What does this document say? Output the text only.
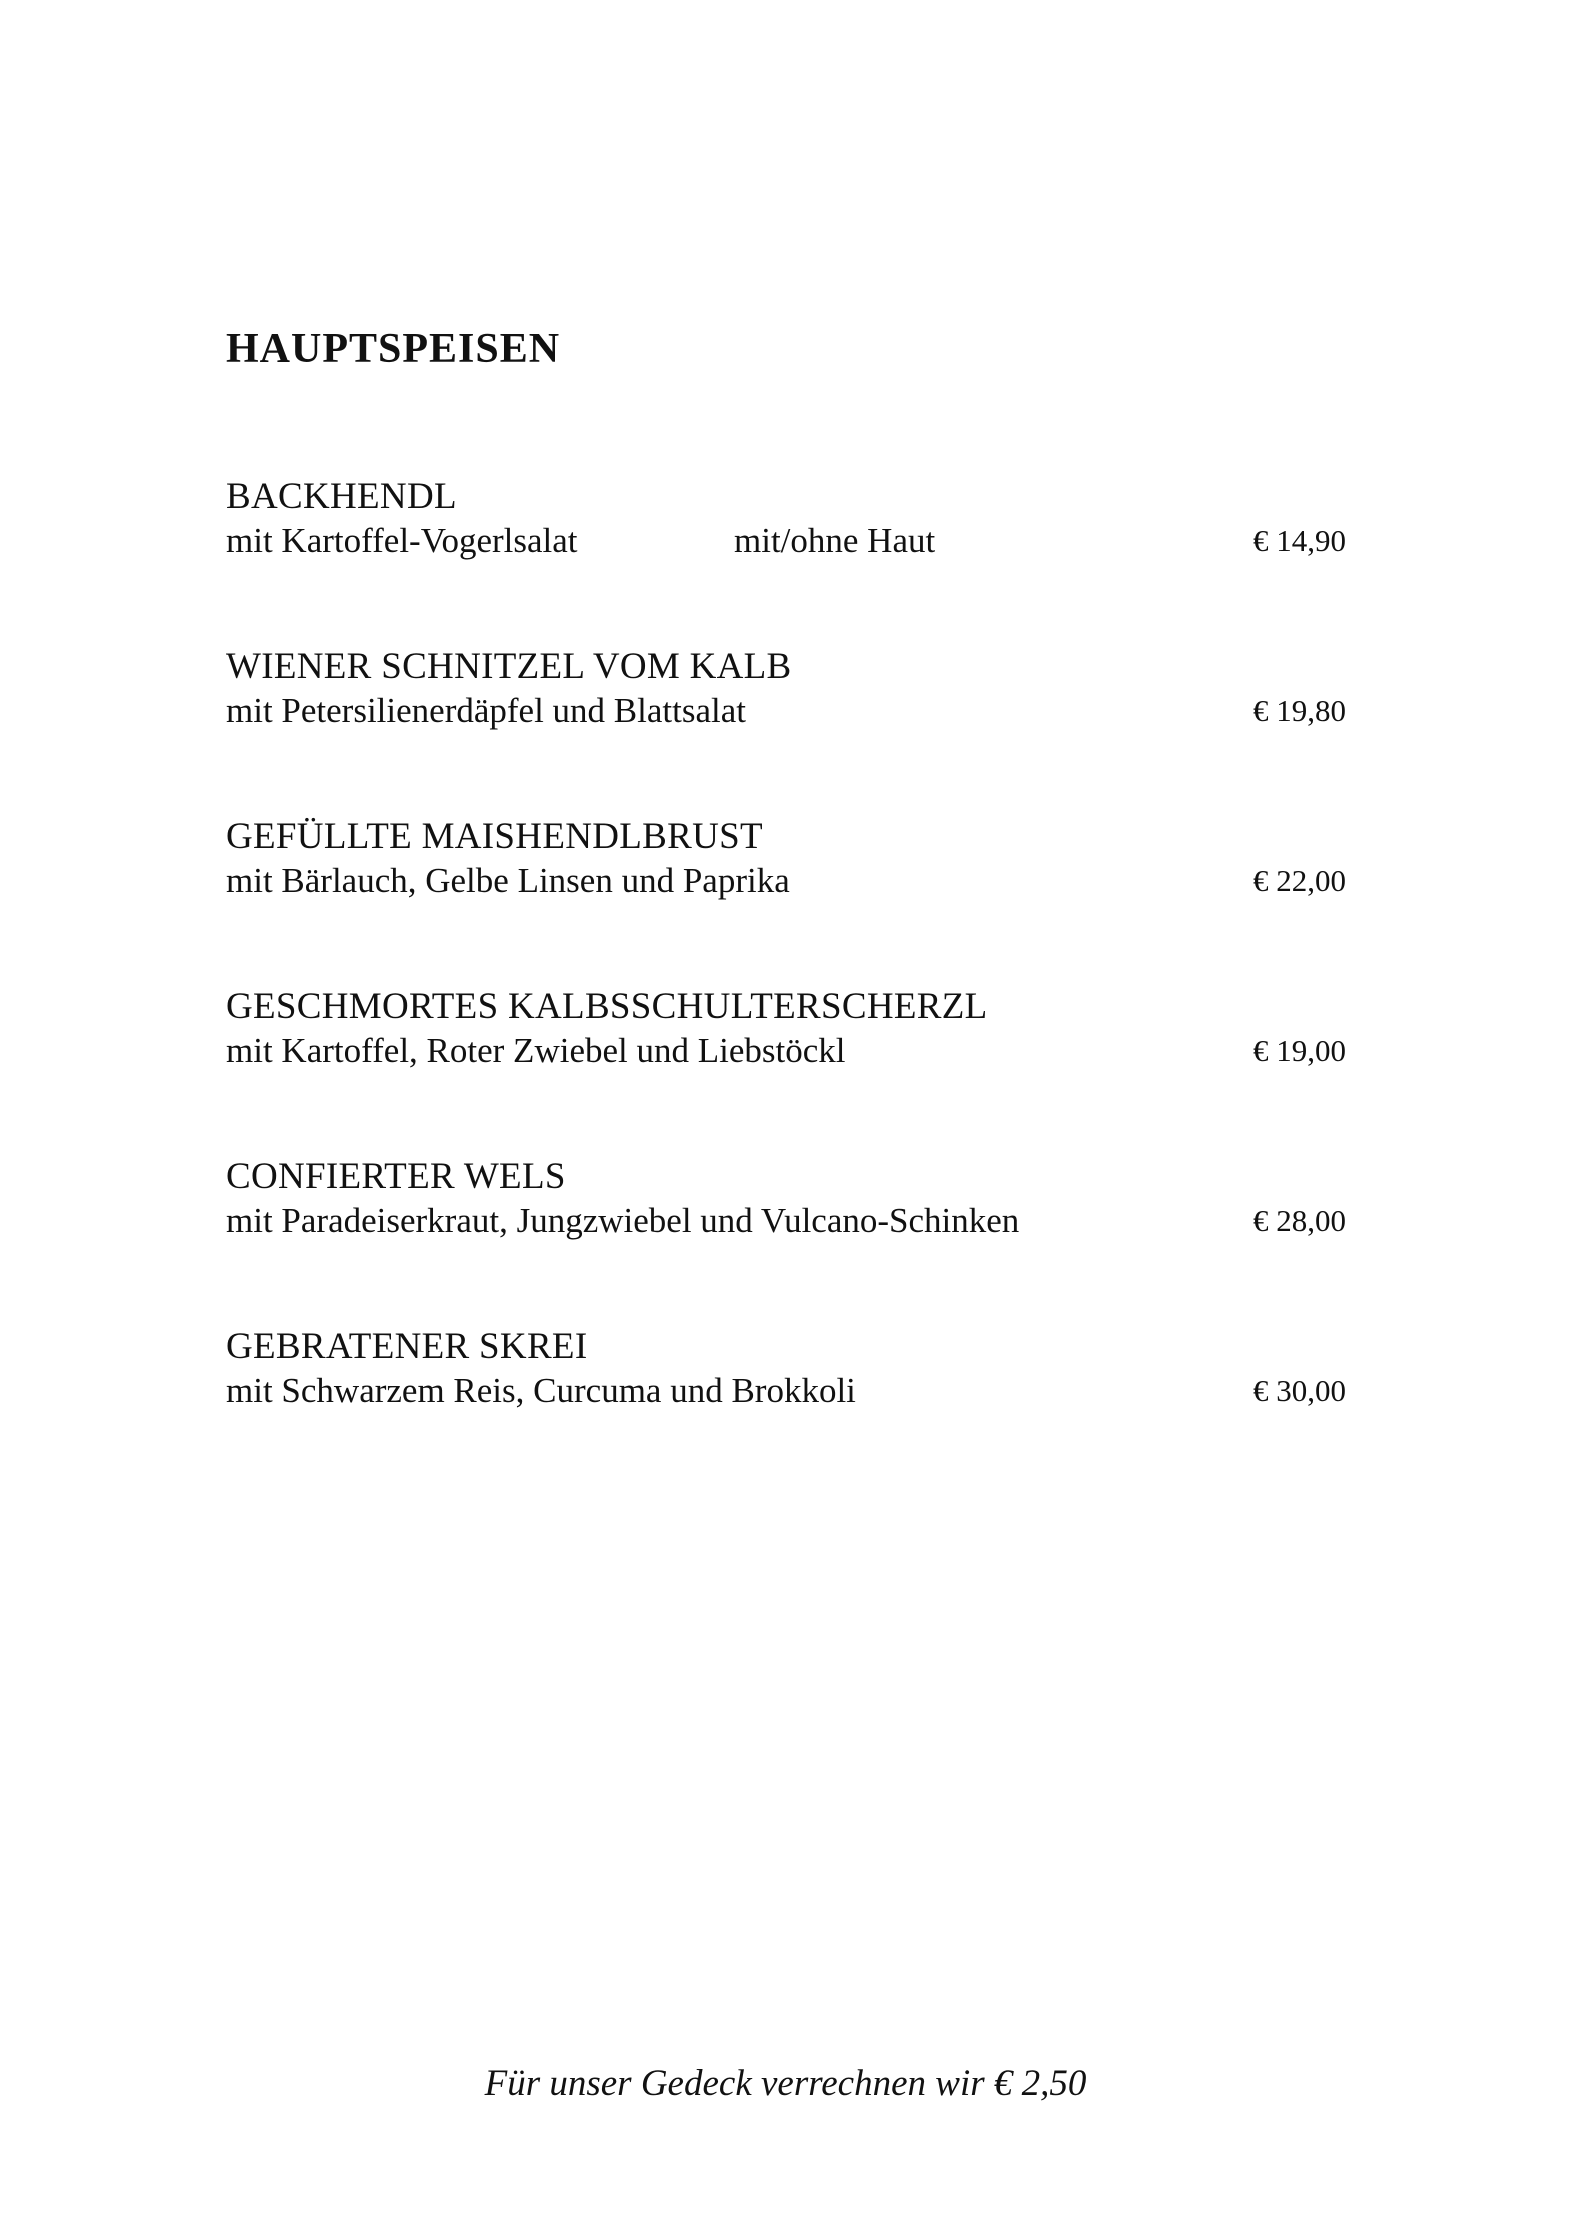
HAUPTSPEISEN
BACKHENDL
mit Kartoffel-Vogerlsalat	mit/ohne Haut	€ 14,90
WIENER SCHNITZEL VOM KALB
mit Petersilienerdäpfel und Blattsalat	€ 19,80
GEFÜLLTE MAISHENDLBRUST
mit Bärlauch, Gelbe Linsen und Paprika	€ 22,00
GESCHMORTES KALBSSCHULTERSCHERZL
mit Kartoffel, Roter Zwiebel und Liebstöckl	€ 19,00
CONFIERTER WELS
mit Paradeiserkraut, Jungzwiebel und Vulcano-Schinken	€ 28,00
GEBRATENER SKREI
mit Schwarzem Reis, Curcuma und Brokkoli	€ 30,00

Für unser Gedeck verrechnen wir € 2,50
